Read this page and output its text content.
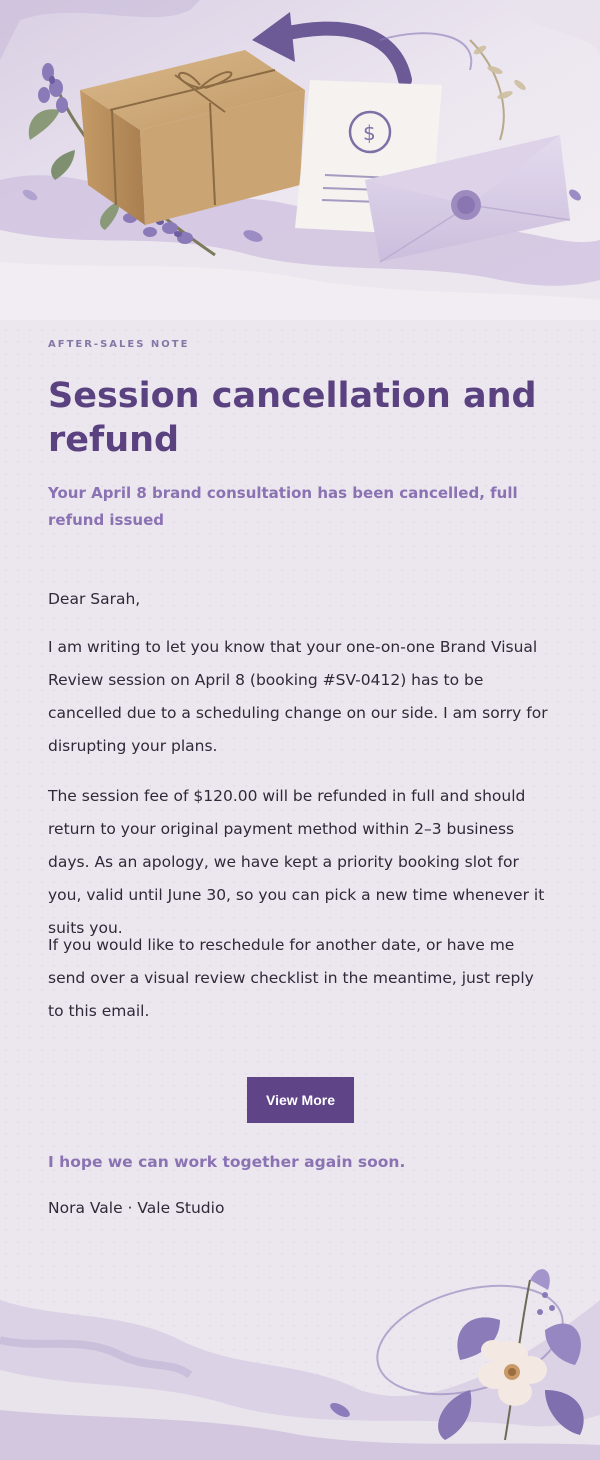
$
AFTER-SALES NOTE
Session cancellation and refund

Your April 8 brand consultation has been cancelled, full refund issued

Dear Sarah,

I am writing to let you know that your one-on-one Brand Visual Review session on April 8 (booking #SV-0412) has to be cancelled due to a scheduling change on our side. I am sorry for disrupting your plans.

The session fee of $120.00 will be refunded in full and should return to your original payment method within 2–3 business days. As an apology, we have kept a priority booking slot for you, valid until June 30, so you can pick a new time whenever it suits you.

If you would like to reschedule for another date, or have me send over a visual review checklist in the meantime, just reply to this email.

View More

I hope we can work together again soon.

Nora Vale · Vale Studio
